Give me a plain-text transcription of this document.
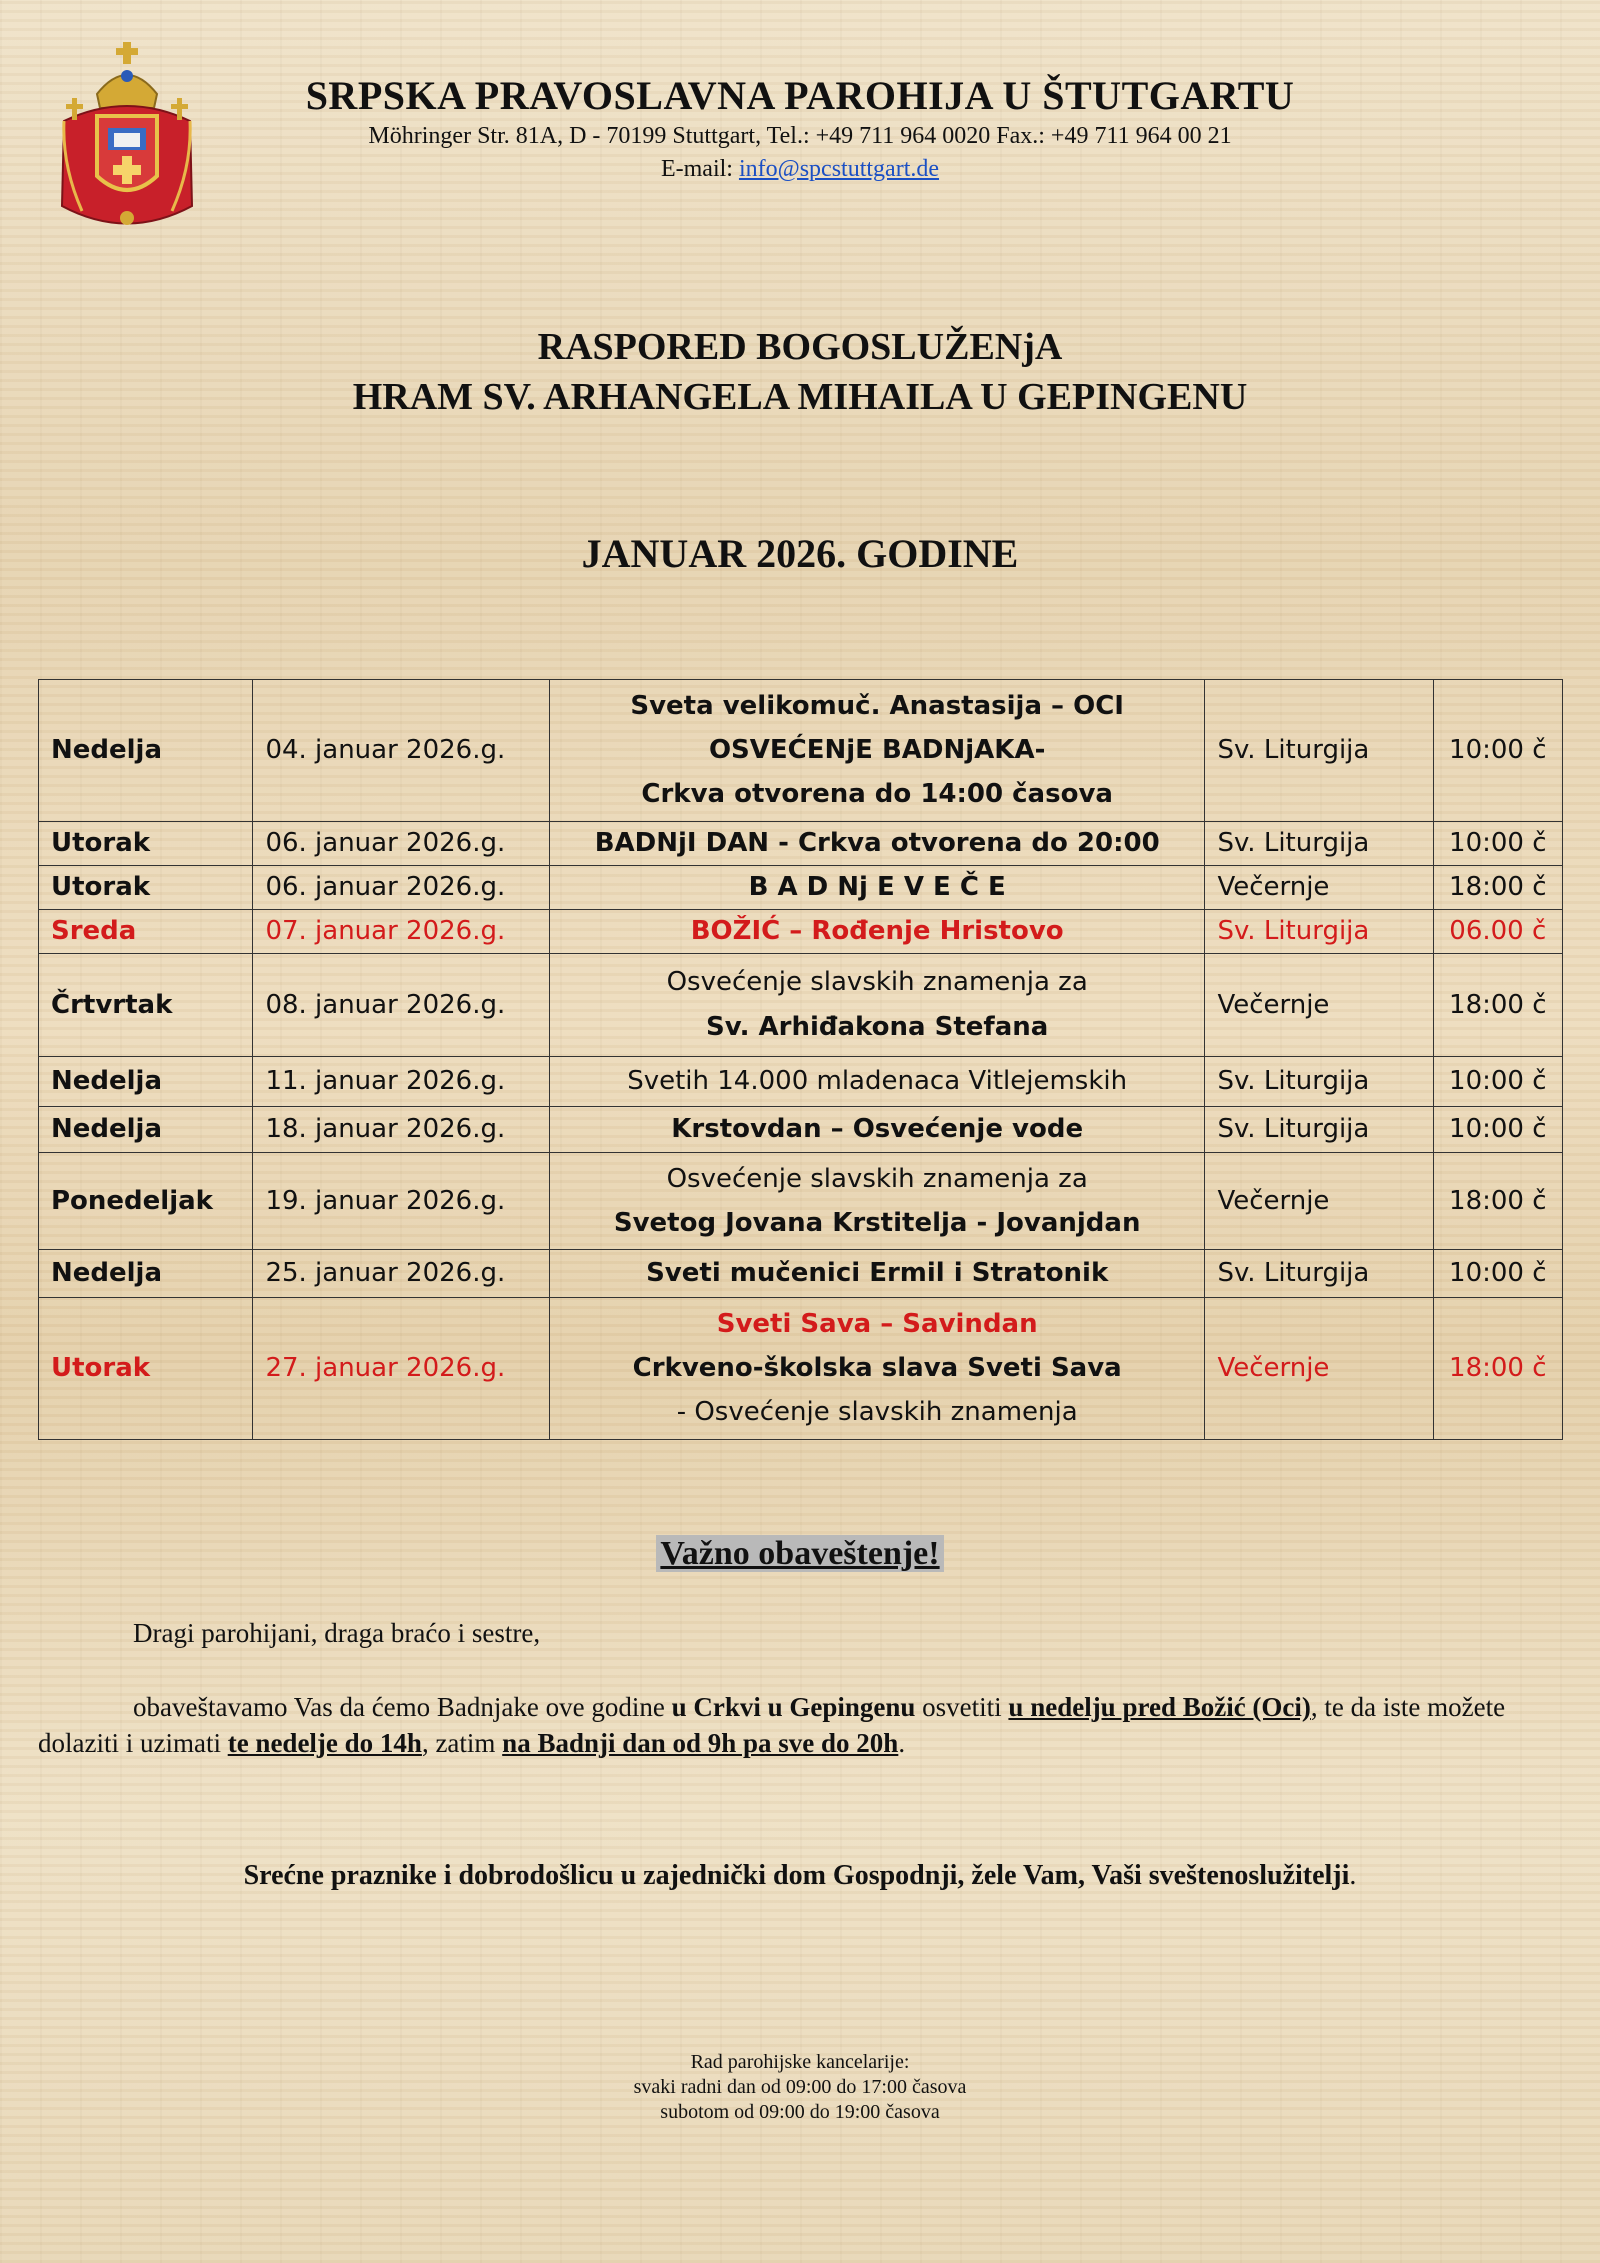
SRPSKA PRAVOSLAVNA PAROHIJA U ŠTUTGARTU
Möhringer Str. 81A, D - 70199 Stuttgart, Tel.: +49 711 964 0020 Fax.: +49 711 964 00 21
E-mail: info@spcstuttgart.de
RASPORED BOGOSLUŽENjA
HRAM SV. ARHANGELA MIHAILA U GEPINGENU
JANUAR 2026. GODINE
Nedelja	04. januar 2026.g.	Sveta velikomuč. Anastasija – OCI
OSVEĆENjE BADNjAKA-
Crkva otvorena do 14:00 časova	Sv. Liturgija	10:00 č
Utorak	06. januar 2026.g.	BADNjI DAN - Crkva otvorena do 20:00	Sv. Liturgija	10:00 č
Utorak	06. januar 2026.g.	B A D Nj E V E Č E	Večernje	18:00 č
Sreda	07. januar 2026.g.	BOŽIĆ – Rođenje Hristovo	Sv. Liturgija	06.00 č
Črtvrtak	08. januar 2026.g.	Osvećenje slavskih znamenja za
Sv. Arhiđakona Stefana	Večernje	18:00 č
Nedelja	11. januar 2026.g.	Svetih 14.000 mladenaca Vitlejemskih	Sv. Liturgija	10:00 č
Nedelja	18. januar 2026.g.	Krstovdan – Osvećenje vode	Sv. Liturgija	10:00 č
Ponedeljak	19. januar 2026.g.	Osvećenje slavskih znamenja za
Svetog Jovana Krstitelja - Jovanjdan	Večernje	18:00 č
Nedelja	25. januar 2026.g.	Sveti mučenici Ermil i Stratonik	Sv. Liturgija	10:00 č
Utorak	27. januar 2026.g.	Sveti Sava – Savindan
Crkveno-školska slava Sveti Sava
- Osvećenje slavskih znamenja	Večernje	18:00 č
Važno obaveštenje!
Dragi parohijani, draga braćo i sestre,
obaveštavamo Vas da ćemo Badnjake ove godine u Crkvi u Gepingenu osvetiti u nedelju pred Božić (Oci), te da iste možete dolaziti i uzimati te nedelje do 14h, zatim na Badnji dan od 9h pa sve do 20h.
Srećne praznike i dobrodošlicu u zajednički dom Gospodnji, žele Vam, Vaši sveštenoslužitelji.
Rad parohijske kancelarije:
svaki radni dan od 09:00 do 17:00 časova
subotom od 09:00 do 19:00 časova
